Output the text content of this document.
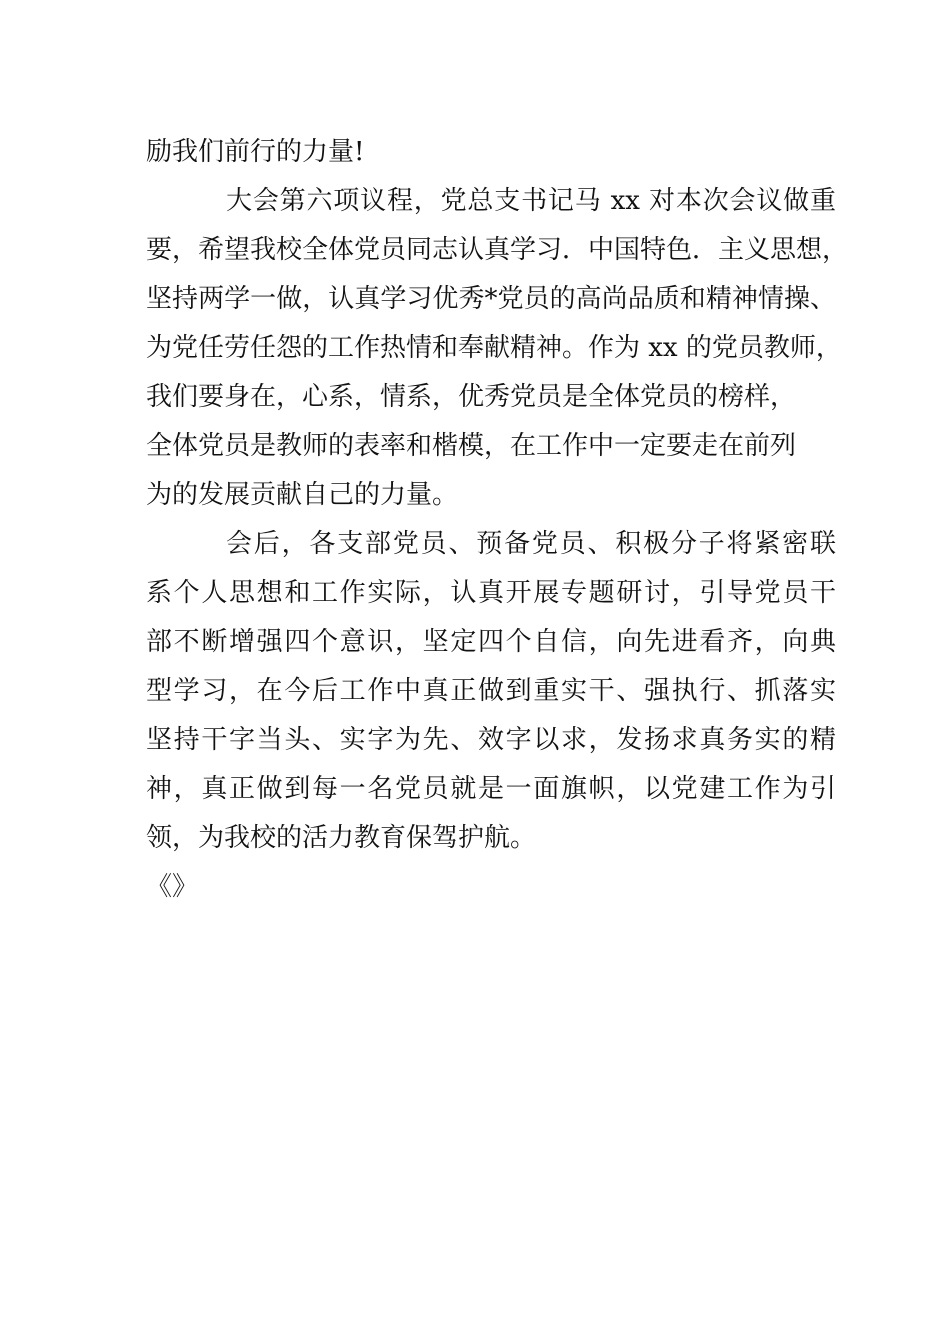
励我们前行的力量!
大会第六项议程，党总支书记马 xx 对本次会议做重
要，希望我校全体党员同志认真学习．中国特色．主义思想，
坚持两学一做，认真学习优秀*党员的高尚品质和精神情操、
为党任劳任怨的工作热情和奉献精神。作为 xx 的党员教师，
我们要身在，心系，情系，优秀党员是全体党员的榜样，
全体党员是教师的表率和楷模，在工作中一定要走在前列
为的发展贡献自己的力量。
会后，各支部党员、预备党员、积极分子将紧密联
系个人思想和工作实际，认真开展专题研讨，引导党员干
部不断增强四个意识，坚定四个自信，向先进看齐，向典
型学习，在今后工作中真正做到重实干、强执行、抓落实
坚持干字当头、实字为先、效字以求，发扬求真务实的精
神，真正做到每一名党员就是一面旗帜，以党建工作为引
领，为我校的活力教育保驾护航。
《》
